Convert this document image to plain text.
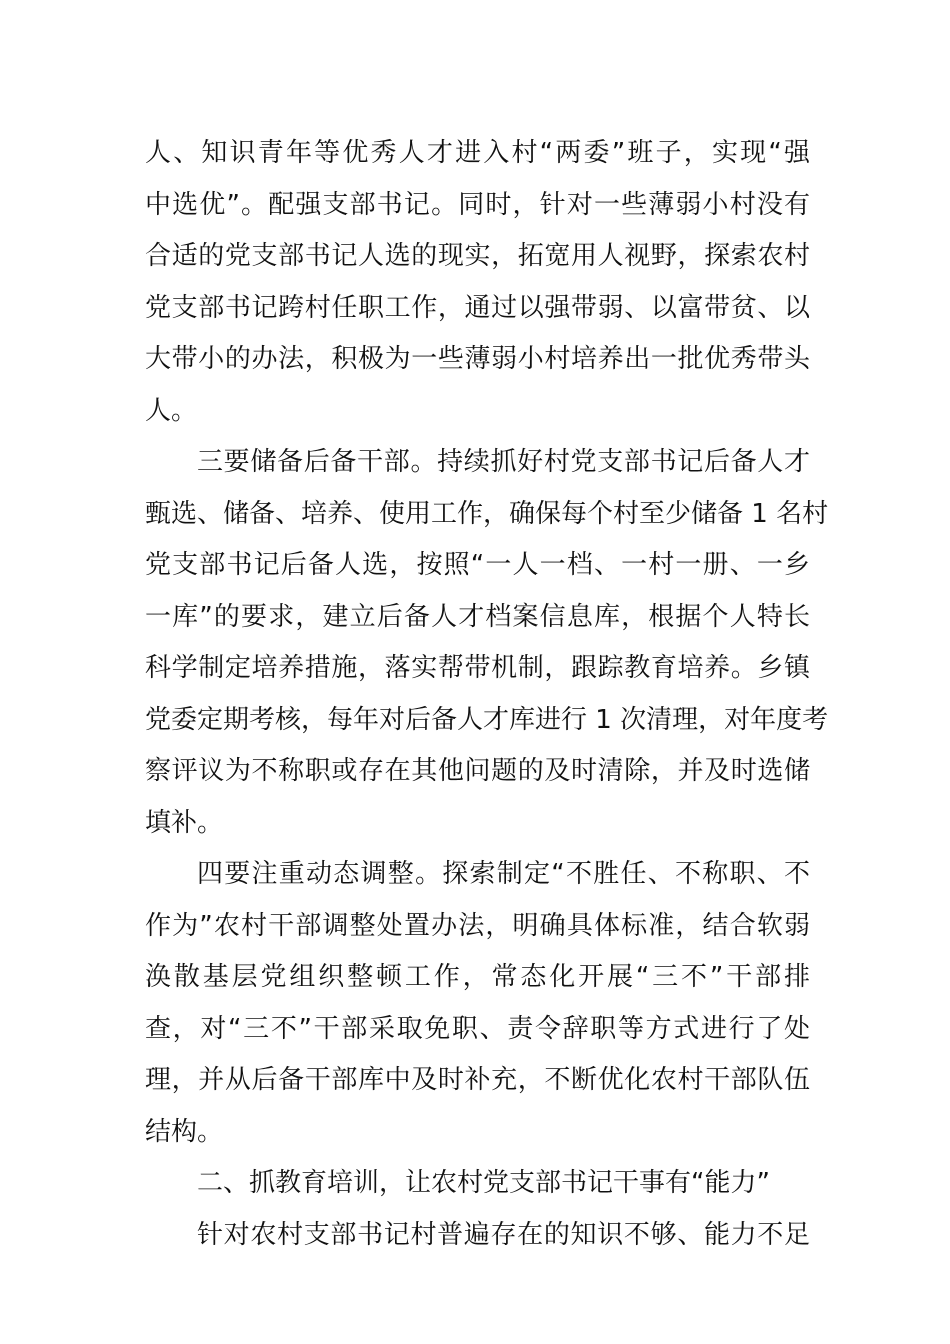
人、知识青年等优秀人才进入村“两委”班子，实现“强
中选优”。配强支部书记。同时，针对一些薄弱小村没有
合适的党支部书记人选的现实，拓宽用人视野，探索农村
党支部书记跨村任职工作，通过以强带弱、以富带贫、以
大带小的办法，积极为一些薄弱小村培养出一批优秀带头
人。
三要储备后备干部。持续抓好村党支部书记后备人才
甄选、储备、培养、使用工作，确保每个村至少储备 1 名村
党支部书记后备人选，按照“一人一档、一村一册、一乡
一库”的要求，建立后备人才档案信息库，根据个人特长
科学制定培养措施，落实帮带机制，跟踪教育培养。乡镇
党委定期考核，每年对后备人才库进行 1 次清理，对年度考
察评议为不称职或存在其他问题的及时清除，并及时选储
填补。
四要注重动态调整。探索制定“不胜任、不称职、不
作为”农村干部调整处置办法，明确具体标准，结合软弱
涣散基层党组织整顿工作，常态化开展“三不”干部排
查，对“三不”干部采取免职、责令辞职等方式进行了处
理，并从后备干部库中及时补充，不断优化农村干部队伍
结构。
二、抓教育培训，让农村党支部书记干事有“能力”
针对农村支部书记村普遍存在的知识不够、能力不足
